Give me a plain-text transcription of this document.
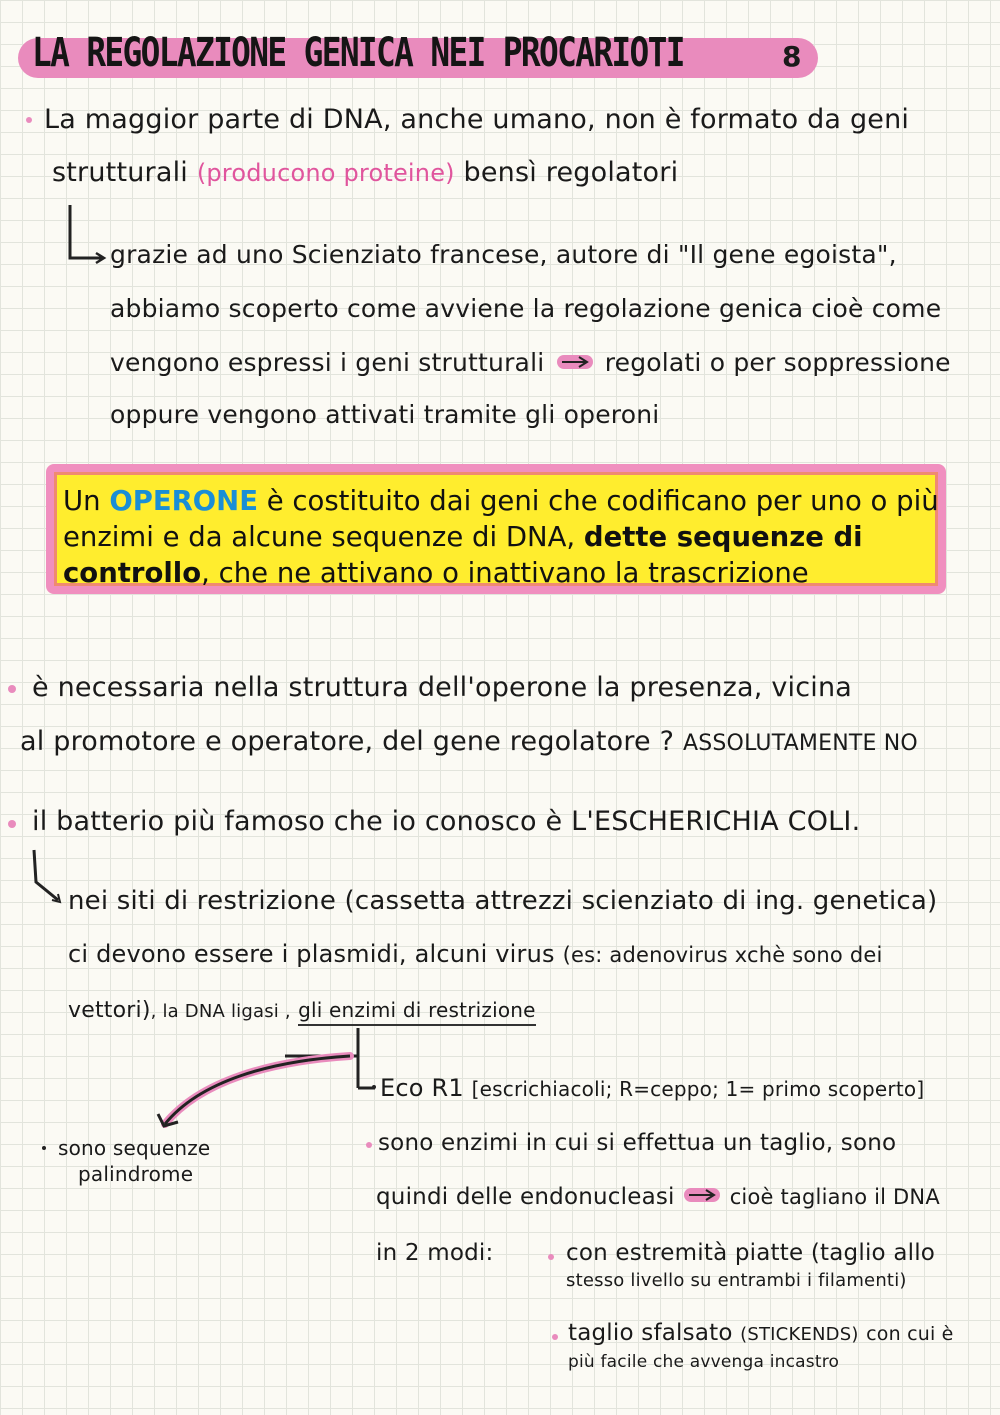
LA REGOLAZIONE GENICA NEI PROCARIOTI	8
La maggior parte di DNA, anche umano, non è formato da geni
strutturali (producono proteine) bensì regolatori
grazie ad uno Scienziato francese, autore di "Il gene egoista",
abbiamo scoperto come avviene la regolazione genica cioè come
vengono espressi i geni strutturali regolati o per soppressione
oppure vengono attivati tramite gli operoni
Un OPERONE è costituito dai geni che codificano per uno o più enzimi e da alcune sequenze di DNA, dette sequenze di controllo, che ne attivano o inattivano la trascrizione
è necessaria nella struttura dell'operone la presenza, vicina
al promotore e operatore, del gene regolatore ? ASSOLUTAMENTE NO
il batterio più famoso che io conosco è L'ESCHERICHIA COLI.
nei siti di restrizione (cassetta attrezzi scienziato di ing. genetica)
ci devono essere i plasmidi, alcuni virus (es: adenovirus xchè sono dei
vettori), la DNA ligasi , gli enzimi di restrizione
sono sequenze
palindrome
Eco R1 [escrichiacoli; R=ceppo; 1= primo scoperto]
sono enzimi in cui si effettua un taglio, sono
quindi delle endonucleasi	cioè tagliano il DNA
in 2 modi:	con estremità piatte (taglio allo
stesso livello su entrambi i filamenti)
taglio sfalsato (STICKENDS) con cui è
più facile che avvenga incastro
